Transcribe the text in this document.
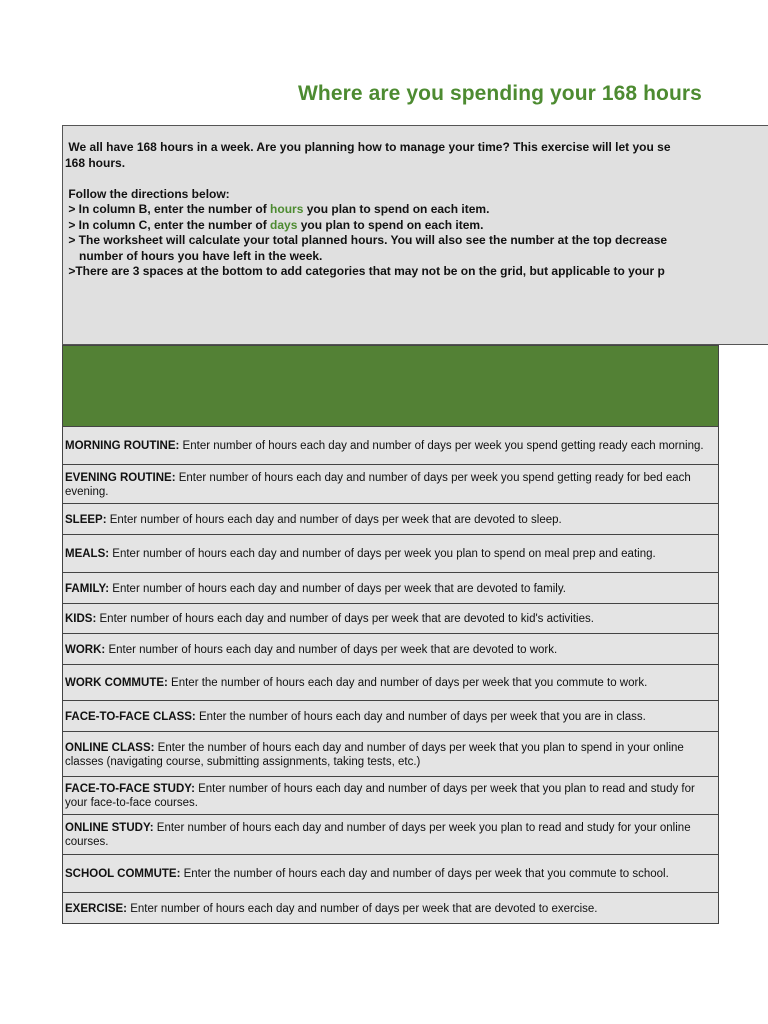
Where are you spending your 168 hours
We all have 168 hours in a week. Are you planning how to manage your time? This exercise will let you se
168 hours.
Follow the directions below:
> In column B, enter the number of hours you plan to spend on each item.
> In column C, enter the number of days you plan to spend on each item.
> The worksheet will calculate your total planned hours. You will also see the number at the top decrease
number of hours you have left in the week.
>There are 3 spaces at the bottom to add categories that may not be on the grid, but applicable to your p
MORNING ROUTINE: Enter number of hours each day and number of days per week you spend getting ready each morning.
EVENING ROUTINE: Enter number of hours each day and number of days per week you spend getting ready for bed each evening.
SLEEP: Enter number of hours each day and number of days per week that are devoted to sleep.
MEALS: Enter number of hours each day and number of days per week you plan to spend on meal prep and eating.
FAMILY: Enter number of hours each day and number of days per week that are devoted to family.
KIDS: Enter number of hours each day and number of days per week that are devoted to kid's activities.
WORK: Enter number of hours each day and number of days per week that are devoted to work.
WORK COMMUTE: Enter the number of hours each day and number of days per week that you commute to work.
FACE-TO-FACE CLASS: Enter the number of hours each day and number of days per week that you are in class.
ONLINE CLASS: Enter the number of hours each day and number of days per week that you plan to spend in your online classes (navigating course, submitting assignments, taking tests, etc.)
FACE-TO-FACE STUDY: Enter number of hours each day and number of days per week that you plan to read and study for your face-to-face courses.
ONLINE STUDY: Enter number of hours each day and number of days per week you plan to read and study for your online courses.
SCHOOL COMMUTE: Enter the number of hours each day and number of days per week that you commute to school.
EXERCISE: Enter number of hours each day and number of days per week that are devoted to exercise.
